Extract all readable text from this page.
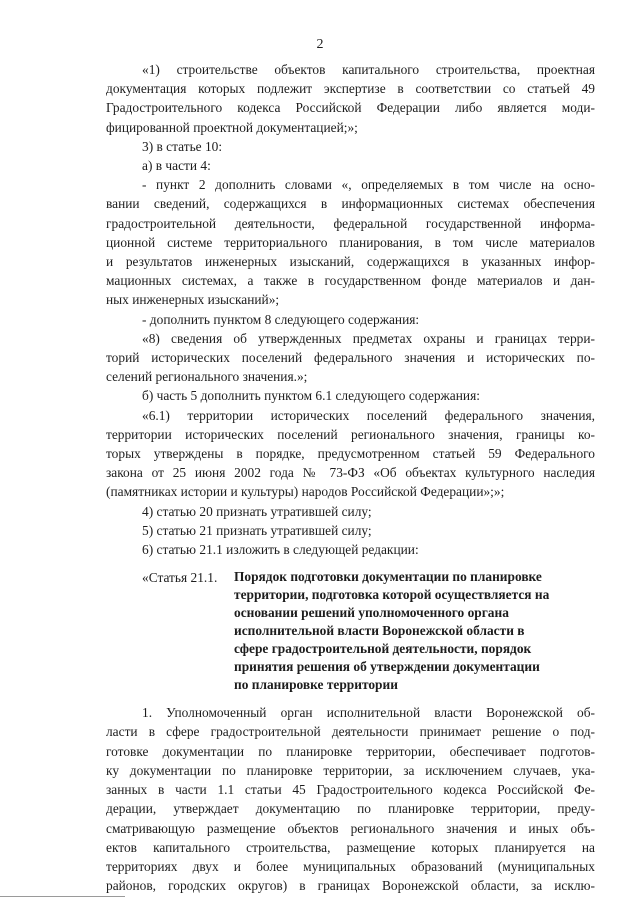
2

«1) строительстве объектов капитального строительства, проектная

документация которых подлежит экспертизе в соответствии со статьей 49

Градостроительного кодекса Российской Федерации либо является моди-

фицированной проектной документацией;»;

3) в статье 10:

а) в части 4:

- пункт 2 дополнить словами «, определяемых в том числе на осно-

вании сведений, содержащихся в информационных системах обеспечения

градостроительной деятельности, федеральной государственной информа-

ционной системе территориального планирования, в том числе материалов

и результатов инженерных изысканий, содержащихся в указанных инфор-

мационных системах, а также в государственном фонде материалов и дан-

ных инженерных изысканий»;

- дополнить пунктом 8 следующего содержания:

«8) сведения об утвержденных предметах охраны и границах терри-

торий исторических поселений федерального значения и исторических по-

селений регионального значения.»;

б) часть 5 дополнить пунктом 6.1 следующего содержания:

«6.1) территории исторических поселений федерального значения,

территории исторических поселений регионального значения, границы ко-

торых утверждены в порядке, предусмотренном статьей 59 Федерального

закона от 25 июня 2002 года № 73-ФЗ «Об объектах культурного наследия

(памятниках истории и культуры) народов Российской Федерации»;»;

4) статью 20 признать утратившей силу;

5) статью 21 признать утратившей силу;

6) статью 21.1 изложить в следующей редакции:

«Статья 21.1.	Порядок подготовки документации по планировке

территории, подготовка которой осуществляется на

основании решений уполномоченного органа

исполнительной власти Воронежской области в

сфере градостроительной деятельности, порядок

принятия решения об утверждении документации

по планировке территории

1. Уполномоченный орган исполнительной власти Воронежской об-

ласти в сфере градостроительной деятельности принимает решение о под-

готовке документации по планировке территории, обеспечивает подготов-

ку документации по планировке территории, за исключением случаев, ука-

занных в части 1.1 статьи 45 Градостроительного кодекса Российской Фе-

дерации, утверждает документацию по планировке территории, преду-

сматривающую размещение объектов регионального значения и иных объ-

ектов капитального строительства, размещение которых планируется на

территориях двух и более муниципальных образований (муниципальных

районов, городских округов) в границах Воронежской области, за исклю-
